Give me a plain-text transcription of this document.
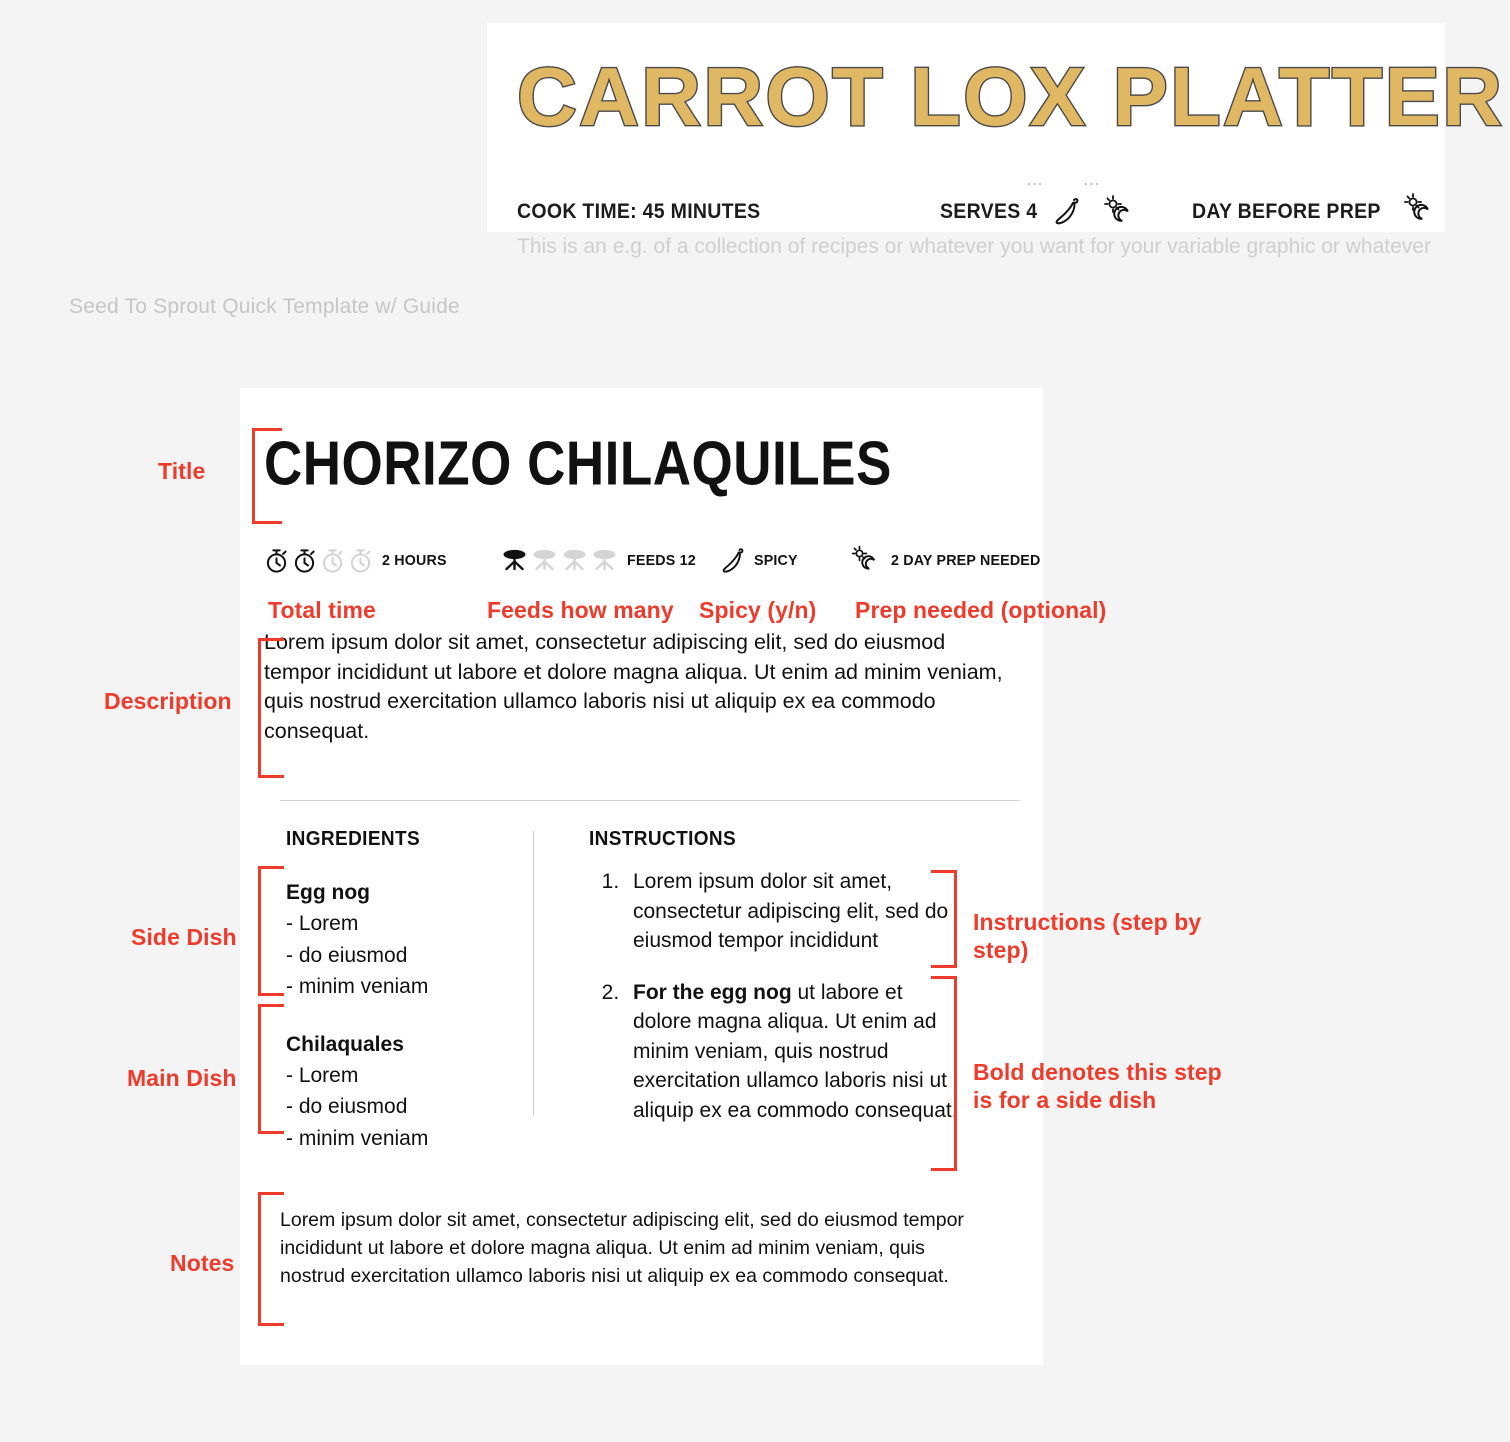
CARROT LOX PLATTER
...	...
COOK TIME: 45 MINUTES	SERVES 4	DAY BEFORE PREP
This is an e.g. of a collection of recipes or whatever you want for your variable graphic or whatever
Seed To Sprout Quick Template w/ Guide
CHORIZO CHILAQUILES
2 HOURS	FEEDS 12	SPICY	2 DAY PREP NEEDED
Lorem ipsum dolor sit amet, consectetur adipiscing elit, sed do eiusmod tempor incididunt ut labore et dolore magna aliqua. Ut enim ad minim veniam, quis nostrud exercitation ullamco laboris nisi ut aliquip ex ea commodo consequat.
INGREDIENTS
Egg nog
- Lorem
- do eiusmod
- minim veniam
Chilaquales
- Lorem
- do eiusmod
- minim veniam
INSTRUCTIONS
1. Lorem ipsum dolor sit amet, consectetur adipiscing elit, sed do eiusmod tempor incididunt
2. For the egg nog ut labore et dolore magna aliqua. Ut enim ad minim veniam, quis nostrud exercitation ullamco laboris nisi ut aliquip ex ea commodo consequat.
Lorem ipsum dolor sit amet, consectetur adipiscing elit, sed do eiusmod tempor incididunt ut labore et dolore magna aliqua. Ut enim ad minim veniam, quis nostrud exercitation ullamco laboris nisi ut aliquip ex ea commodo consequat.
Title
Total time	Feeds how many Spicy (y/n) Prep needed (optional)
Description
Side Dish
Main Dish
Notes
Instructions (step by step)
Bold denotes this step is for a side dish
